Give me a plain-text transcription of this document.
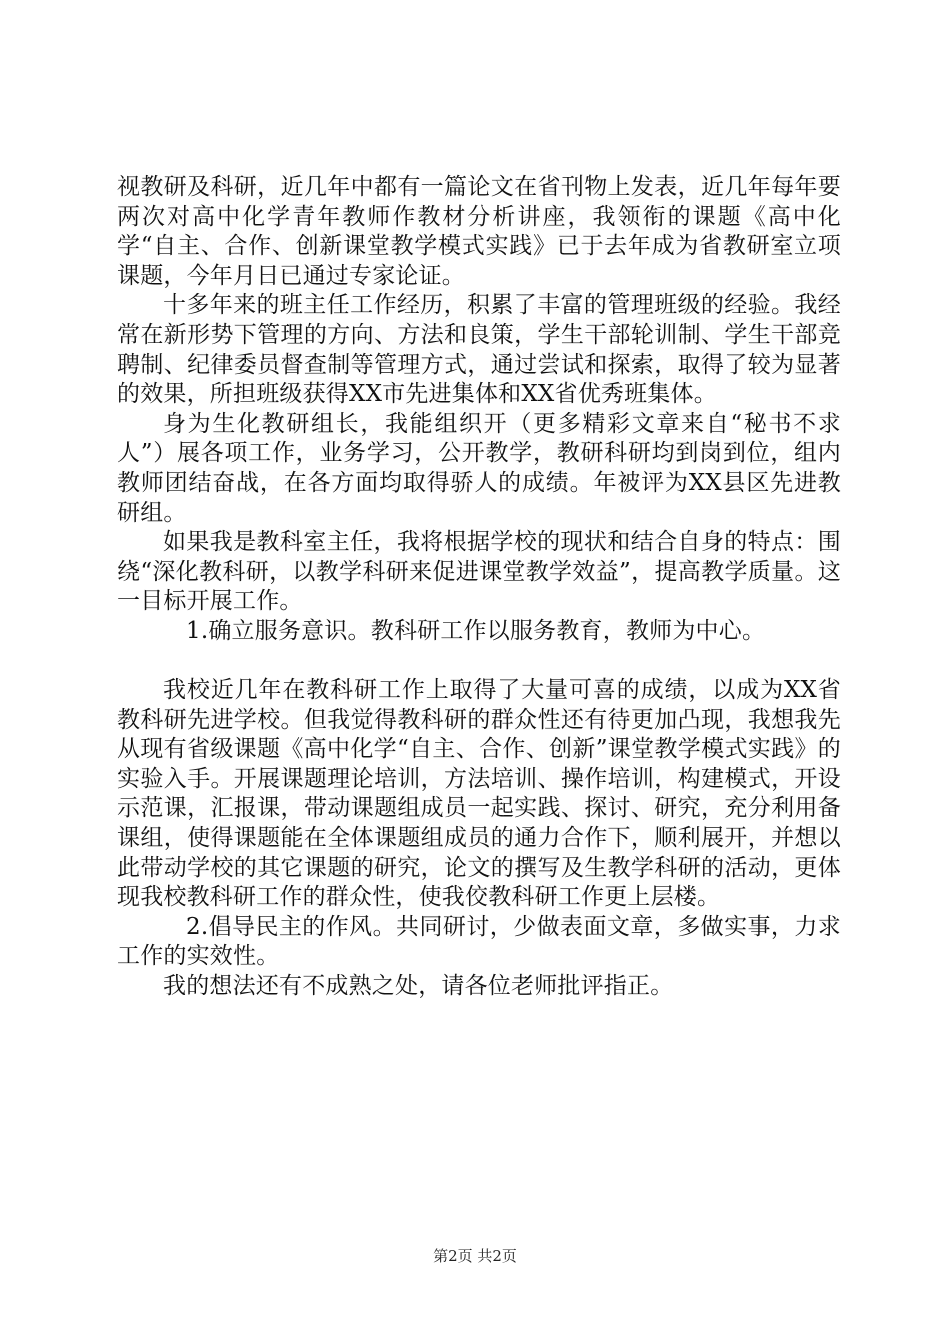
视教研及科研，近几年中都有一篇论文在省刊物上发表，近几年每年要两次对高中化学青年教师作教材分析讲座，我领衔的课题《高中化学“自主、合作、创新课堂教学模式实践》已于去年成为省教研室立项课题，今年月日已通过专家论证。

十多年来的班主任工作经历，积累了丰富的管理班级的经验。我经常在新形势下管理的方向、方法和良策，学生干部轮训制、学生干部竞聘制、纪律委员督查制等管理方式，通过尝试和探索，取得了较为显著的效果，所担班级获得XX市先进集体和XX省优秀班集体。

身为生化教研组长，我能组织开（更多精彩文章来自“秘书不求人”）展各项工作，业务学习，公开教学，教研科研均到岗到位，组内教师团结奋战，在各方面均取得骄人的成绩。年被评为XX县区先进教研组。

如果我是教科室主任，我将根据学校的现状和结合自身的特点：围绕“深化教科研，以教学科研来促进课堂教学效益”，提高教学质量。这一目标开展工作。

1.确立服务意识。教科研工作以服务教育，教师为中心。

我校近几年在教科研工作上取得了大量可喜的成绩，以成为XX省教科研先进学校。但我觉得教科研的群众性还有待更加凸现，我想我先从现有省级课题《高中化学“自主、合作、创新”课堂教学模式实践》的实验入手。开展课题理论培训，方法培训、操作培训，构建模式，开设示范课，汇报课，带动课题组成员一起实践、探讨、研究，充分利用备课组，使得课题能在全体课题组成员的通力合作下，顺利展开，并想以此带动学校的其它课题的研究，论文的撰写及生教学科研的活动，更体现我校教科研工作的群众性，使我佼教科研工作更上层楼。

2.倡导民主的作风。共同研讨，少做表面文章，多做实事，力求工作的实效性。

我的想法还有不成熟之处，请各位老师批评指正。

第2页 共2页
